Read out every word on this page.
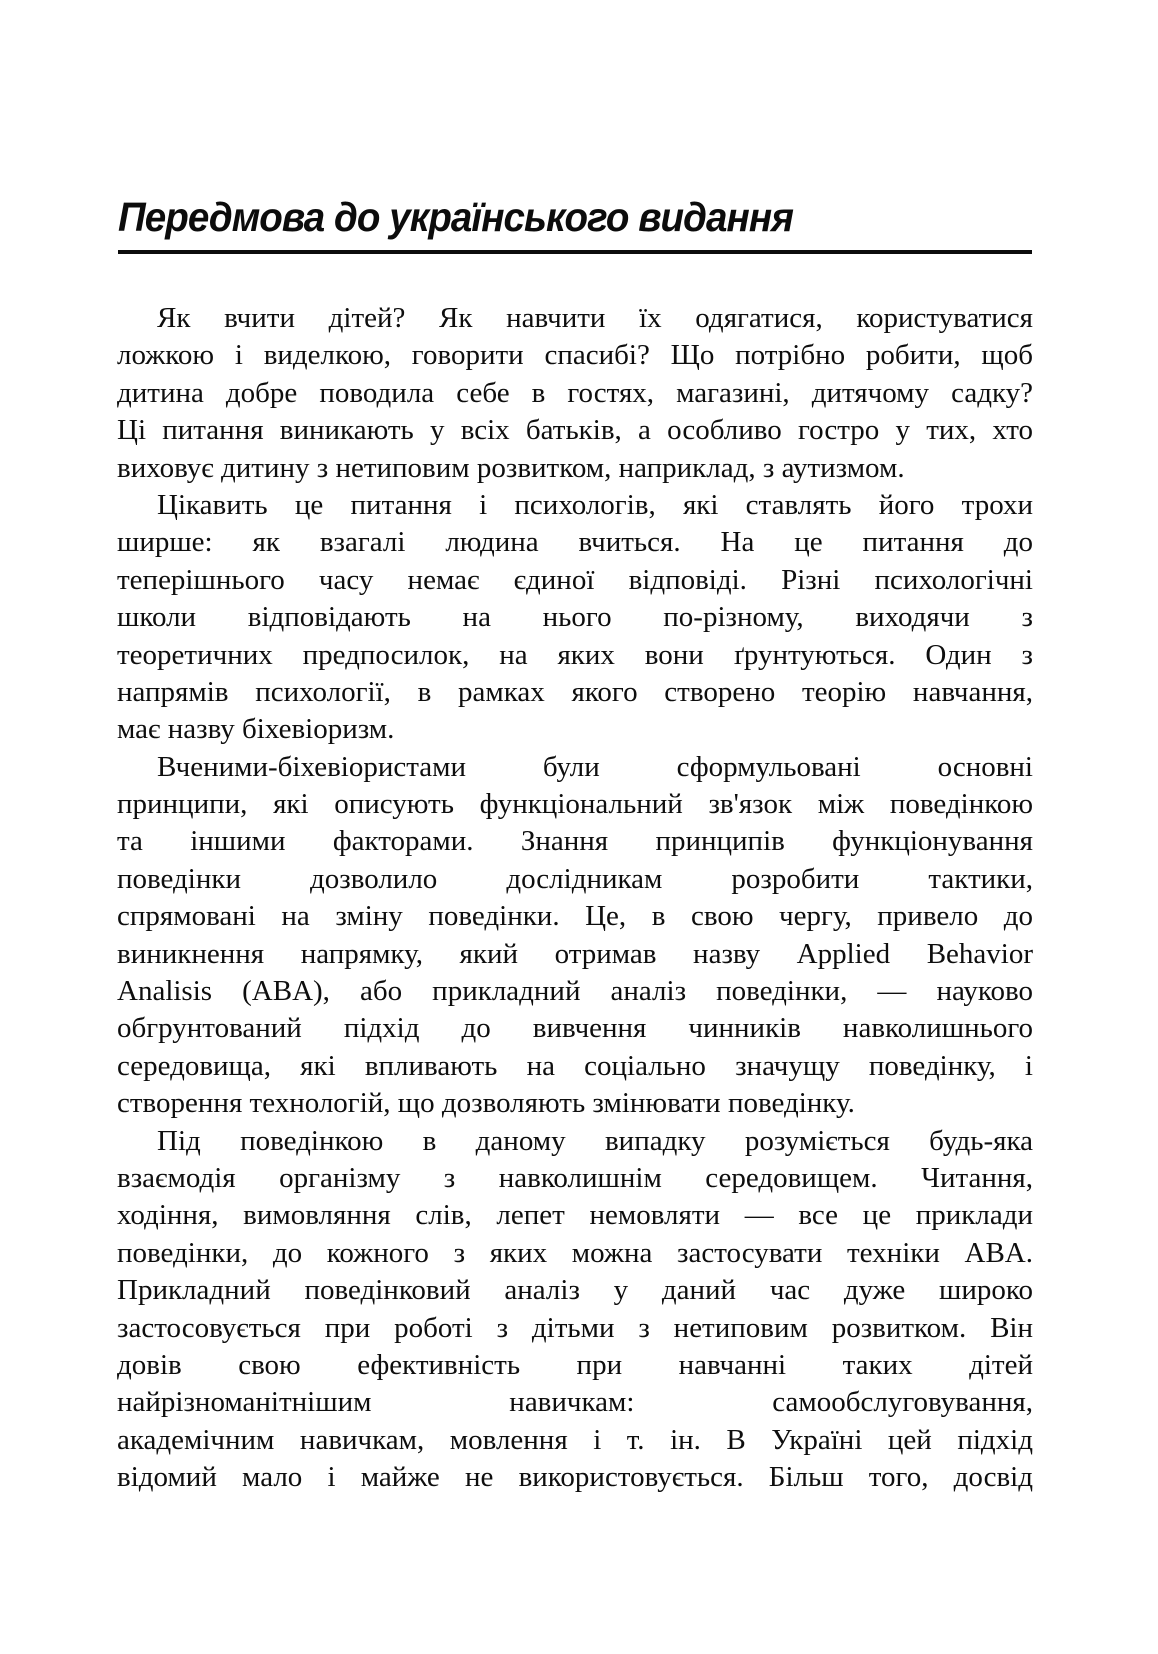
Передмова до українського видання
Як вчити дітей? Як навчити їх одягатися, користуватися
ложкою і виделкою, говорити спасибі? Що потрібно робити, щоб
дитина добре поводила себе в гостях, магазині, дитячому садку?
Ці питання виникають у всіх батьків, а особливо гостро у тих, хто
виховує дитину з нетиповим розвитком, наприклад, з аутизмом.
Цікавить це питання і психологів, які ставлять його трохи
ширше: як взагалі людина вчиться. На це питання до
теперішнього часу немає єдиної відповіді. Різні психологічні
школи відповідають на нього по-різному, виходячи з
теоретичних предпосилок, на яких вони ґрунтуються. Один з
напрямів психології, в рамках якого створено теорію навчання,
має назву біхевіоризм.
Вченими-біхевіористами були сформульовані основні
принципи, які описують функціональний зв'язок між поведінкою
та іншими факторами. Знання принципів функціонування
поведінки дозволило дослідникам розробити тактики,
спрямовані на зміну поведінки. Це, в свою чергу, привело до
виникнення напрямку, який отримав назву Applied Behavior
Analisis (ABA), або прикладний аналіз поведінки, — науково
обгрунтований підхід до вивчення чинників навколишнього
середовища, які впливають на соціально значущу поведінку, і
створення технологій, що дозволяють змінювати поведінку.
Під поведінкою в даному випадку розуміється будь-яка
взаємодія організму з навколишнім середовищем. Читання,
ходіння, вимовляння слів, лепет немовляти — все це приклади
поведінки, до кожного з яких можна застосувати техніки ABA.
Прикладний поведінковий аналіз у даний час дуже широко
застосовується при роботі з дітьми з нетиповим розвитком. Він
довів свою ефективність при навчанні таких дітей
найрізноманітнішим навичкам: самообслуговування,
академічним навичкам, мовлення і т. ін. В Україні цей підхід
відомий мало і майже не використовується. Більш того, досвід
